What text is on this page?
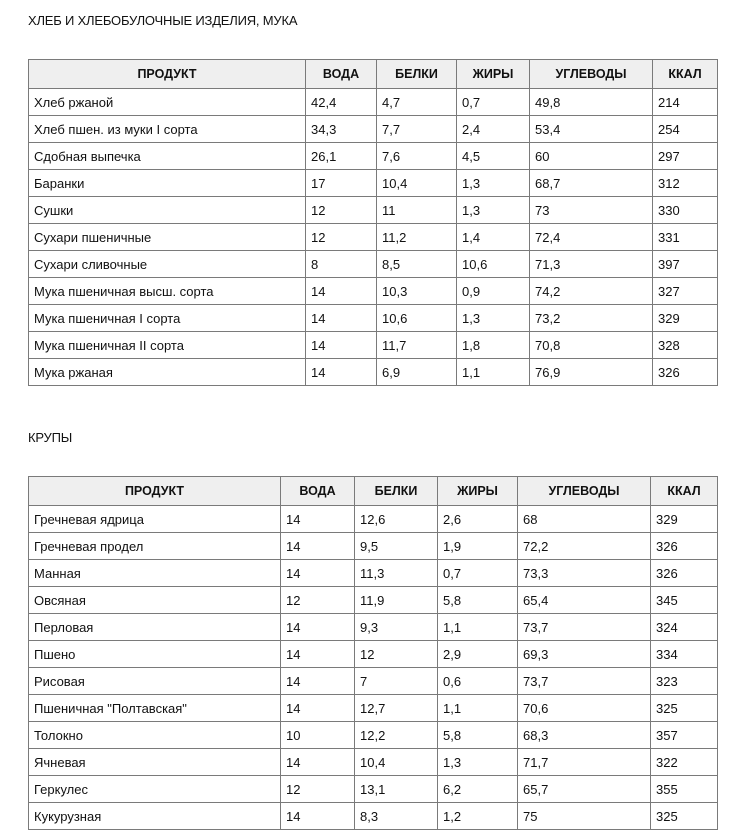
ХЛЕБ И ХЛЕБОБУЛОЧНЫЕ ИЗДЕЛИЯ, МУКА
ПРОДУКТ	ВОДА	БЕЛКИ	ЖИРЫ	УГЛЕВОДЫ	ККАЛ
Хлеб ржаной	42,4	4,7	0,7	49,8	214
Хлеб пшен. из муки I сорта	34,3	7,7	2,4	53,4	254
Сдобная выпечка	26,1	7,6	4,5	60	297
Баранки	17	10,4	1,3	68,7	312
Сушки	12	11	1,3	73	330
Сухари пшеничные	12	11,2	1,4	72,4	331
Сухари сливочные	8	8,5	10,6	71,3	397
Мука пшеничная высш. сорта	14	10,3	0,9	74,2	327
Мука пшеничная I сорта	14	10,6	1,3	73,2	329
Мука пшеничная II сорта	14	11,7	1,8	70,8	328
Мука ржаная	14	6,9	1,1	76,9	326
КРУПЫ
ПРОДУКТ	ВОДА	БЕЛКИ	ЖИРЫ	УГЛЕВОДЫ	ККАЛ
Гречневая ядрица	14	12,6	2,6	68	329
Гречневая продел	14	9,5	1,9	72,2	326
Манная	14	11,3	0,7	73,3	326
Овсяная	12	11,9	5,8	65,4	345
Перловая	14	9,3	1,1	73,7	324
Пшено	14	12	2,9	69,3	334
Рисовая	14	7	0,6	73,7	323
Пшеничная "Полтавская"	14	12,7	1,1	70,6	325
Толокно	10	12,2	5,8	68,3	357
Ячневая	14	10,4	1,3	71,7	322
Геркулес	12	13,1	6,2	65,7	355
Кукурузная	14	8,3	1,2	75	325
